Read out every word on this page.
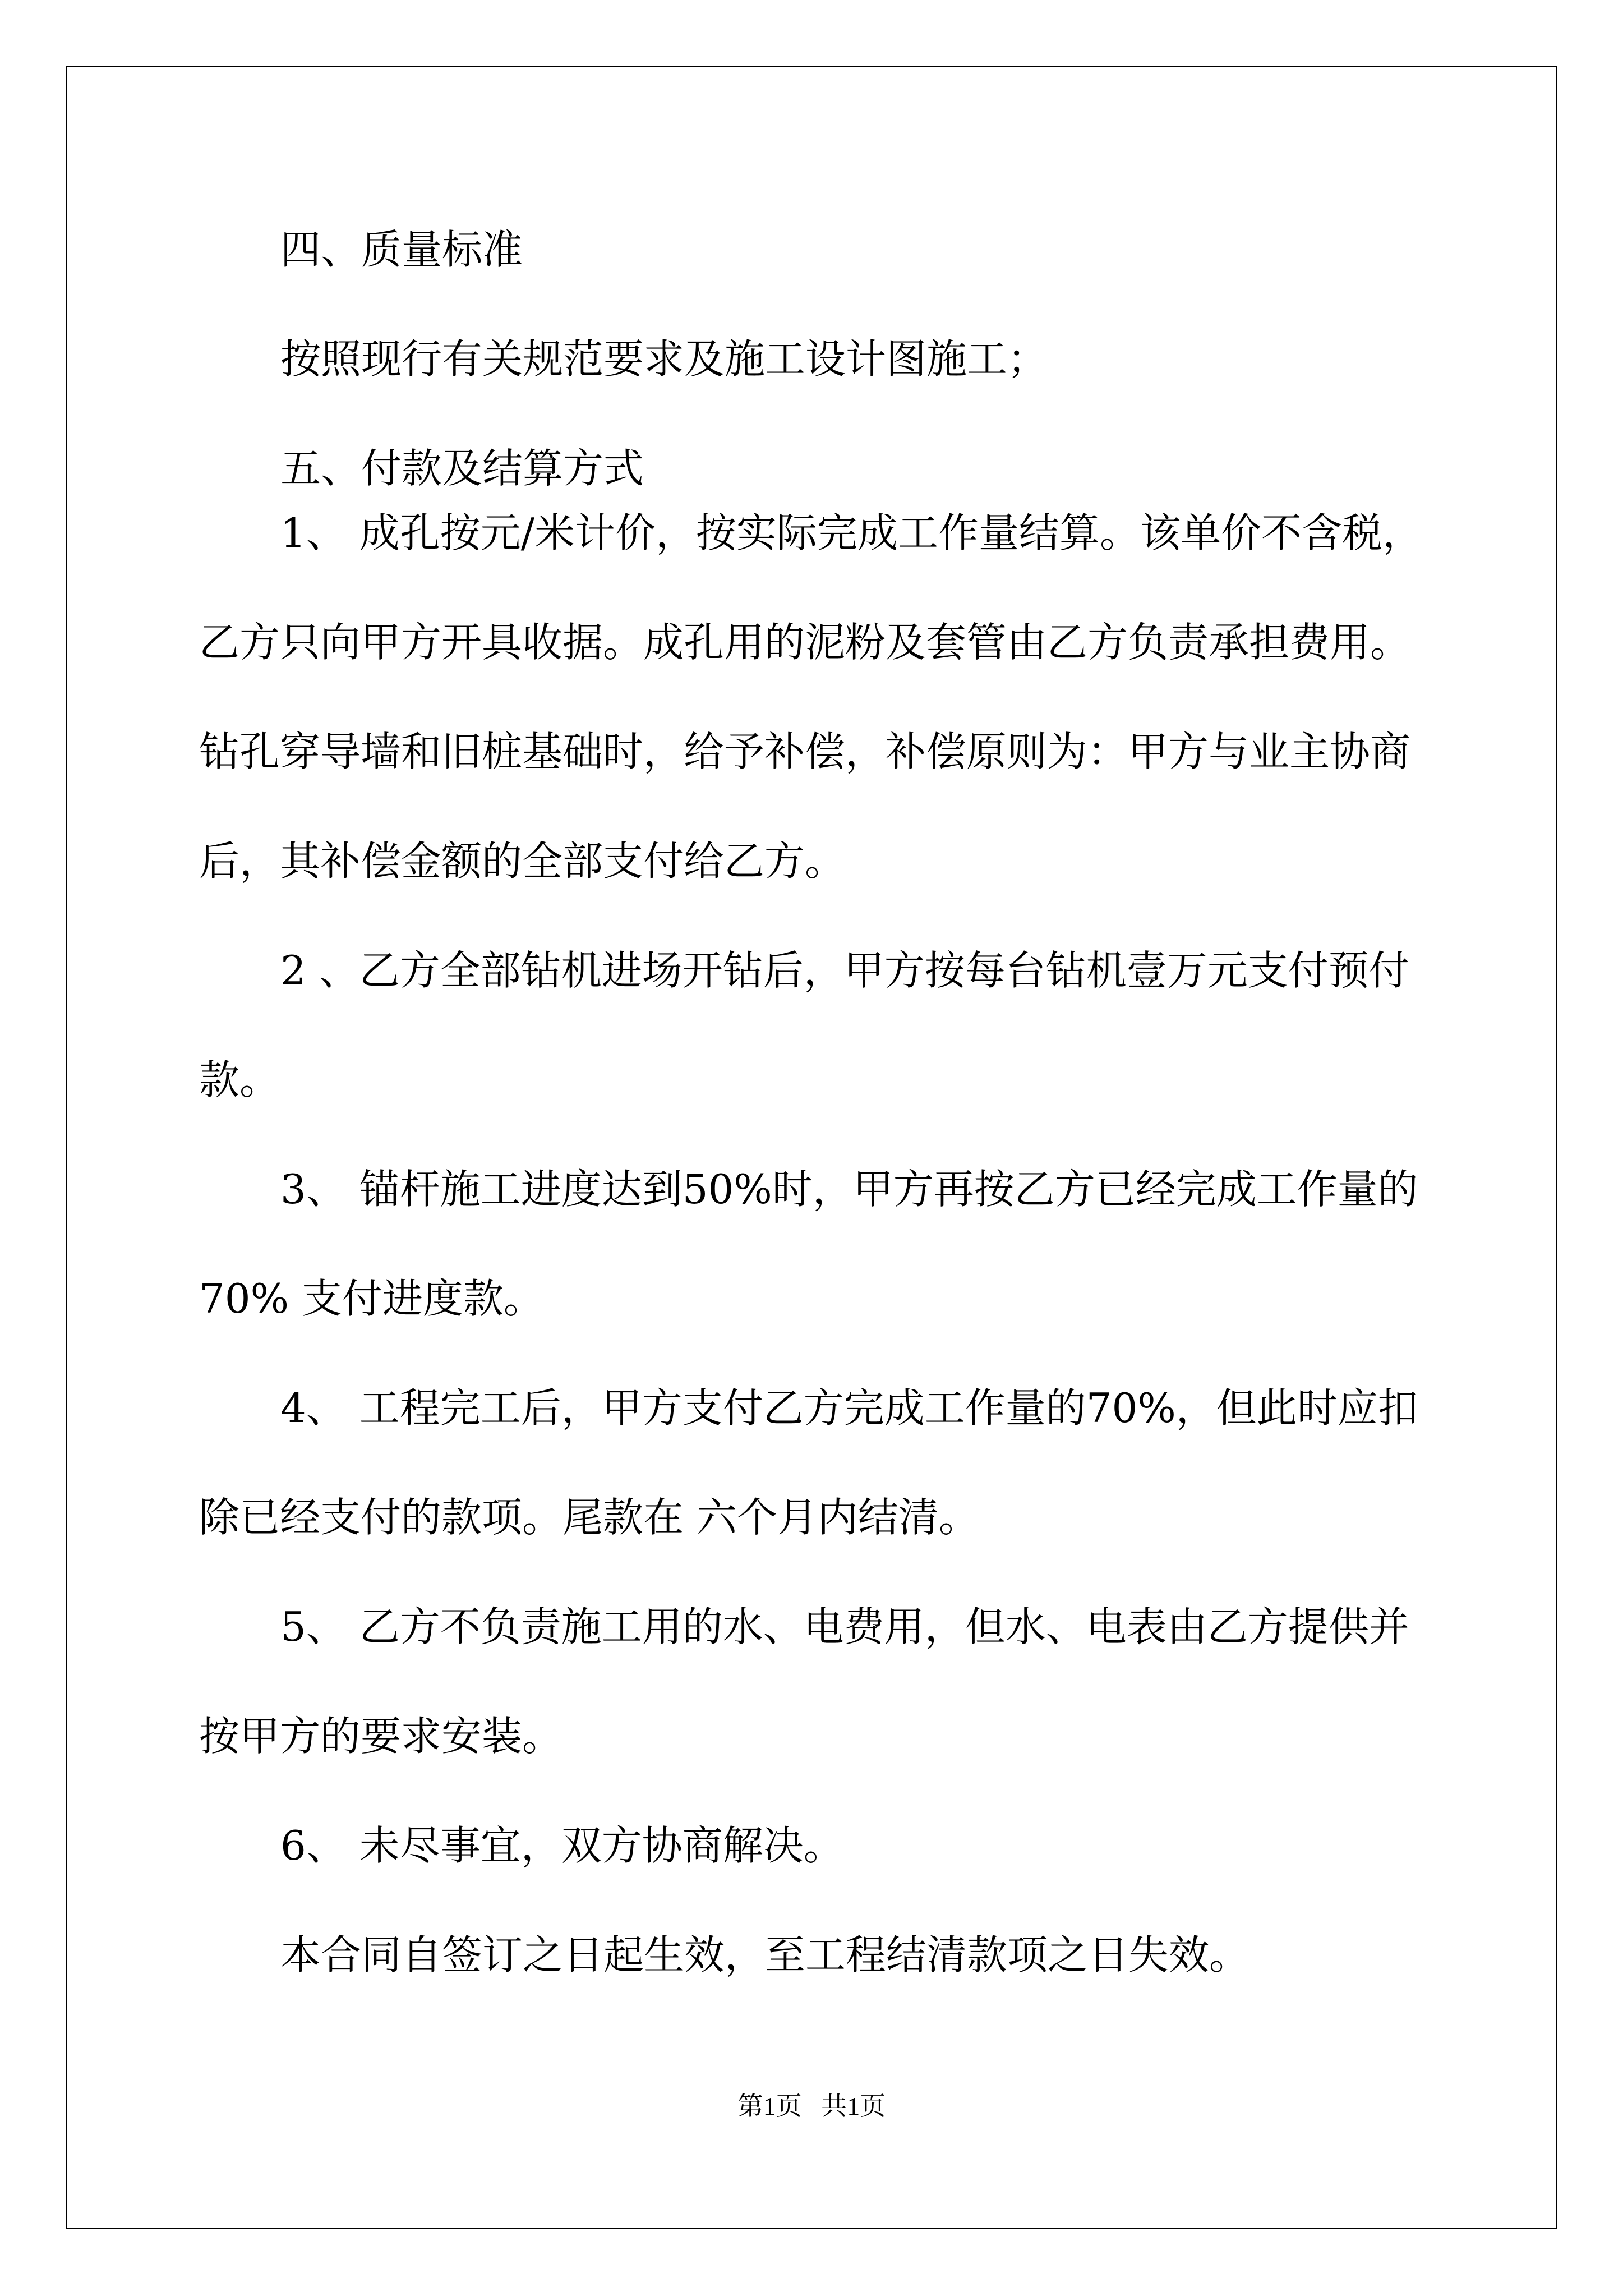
四、质量标准

按照现行有关规范要求及施工设计图施工；

五、付款及结算方式

1、 成孔按元/米计价，按实际完成工作量结算。该单价不含税，

乙方只向甲方开具收据。成孔用的泥粉及套管由乙方负责承担费用。

钻孔穿导墙和旧桩基础时，给予补偿，补偿原则为：甲方与业主协商

后，其补偿金额的全部支付给乙方。

2 、乙方全部钻机进场开钻后，甲方按每台钻机壹万元支付预付

款。

3、 锚杆施工进度达到50%时，甲方再按乙方已经完成工作量的

70% 支付进度款。

4、 工程完工后，甲方支付乙方完成工作量的70%，但此时应扣

除已经支付的款项。尾款在 六个月内结清。

5、 乙方不负责施工用的水、电费用，但水、电表由乙方提供并

按甲方的要求安装。

6、 未尽事宜，双方协商解决。

本合同自签订之日起生效，至工程结清款项之日失效。

第1页   共1页
